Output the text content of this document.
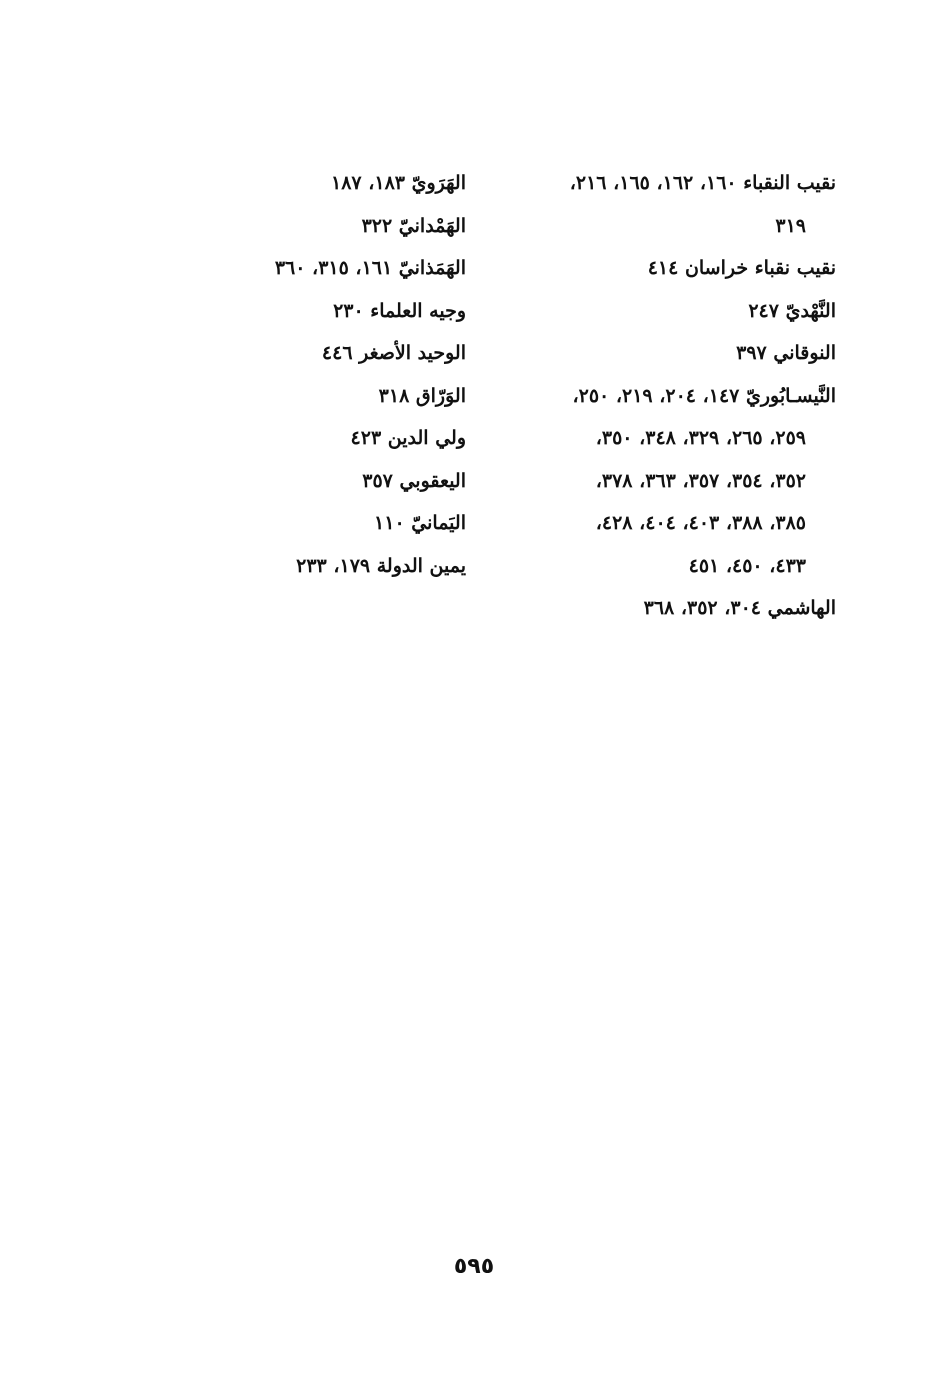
نقيب النقباء ١٦٠، ١٦٢، ١٦٥، ٢١٦،
٣١٩
نقيب نقباء خراسان ٤١٤
النَّهْديّ ٢٤٧
النوقاني ٣٩٧
النَّيسـابُوريّ ١٤٧، ٢٠٤، ٢١٩، ٢٥٠،
٢٥٩، ٢٦٥، ٣٢٩، ٣٤٨، ٣٥٠،
٣٥٢، ٣٥٤، ٣٥٧، ٣٦٣، ٣٧٨،
٣٨٥، ٣٨٨، ٤٠٣، ٤٠٤، ٤٢٨،
٤٣٣، ٤٥٠، ٤٥١
الهاشمي ٣٠٤، ٣٥٢، ٣٦٨
الهَرَويّ ١٨٣، ١٨٧
الهَمْدانيّ ٣٢٢
الهَمَذانيّ ١٦١، ٣١٥، ٣٦٠
وجيه العلماء ٢٣٠
الوحيد الأصغر ٤٤٦
الوَرّاق ٣١٨
ولي الدين ٤٢٣
اليعقوبي ٣٥٧
اليَمانيّ ١١٠
يمين الدولة ١٧٩، ٢٣٣
٥٩٥
